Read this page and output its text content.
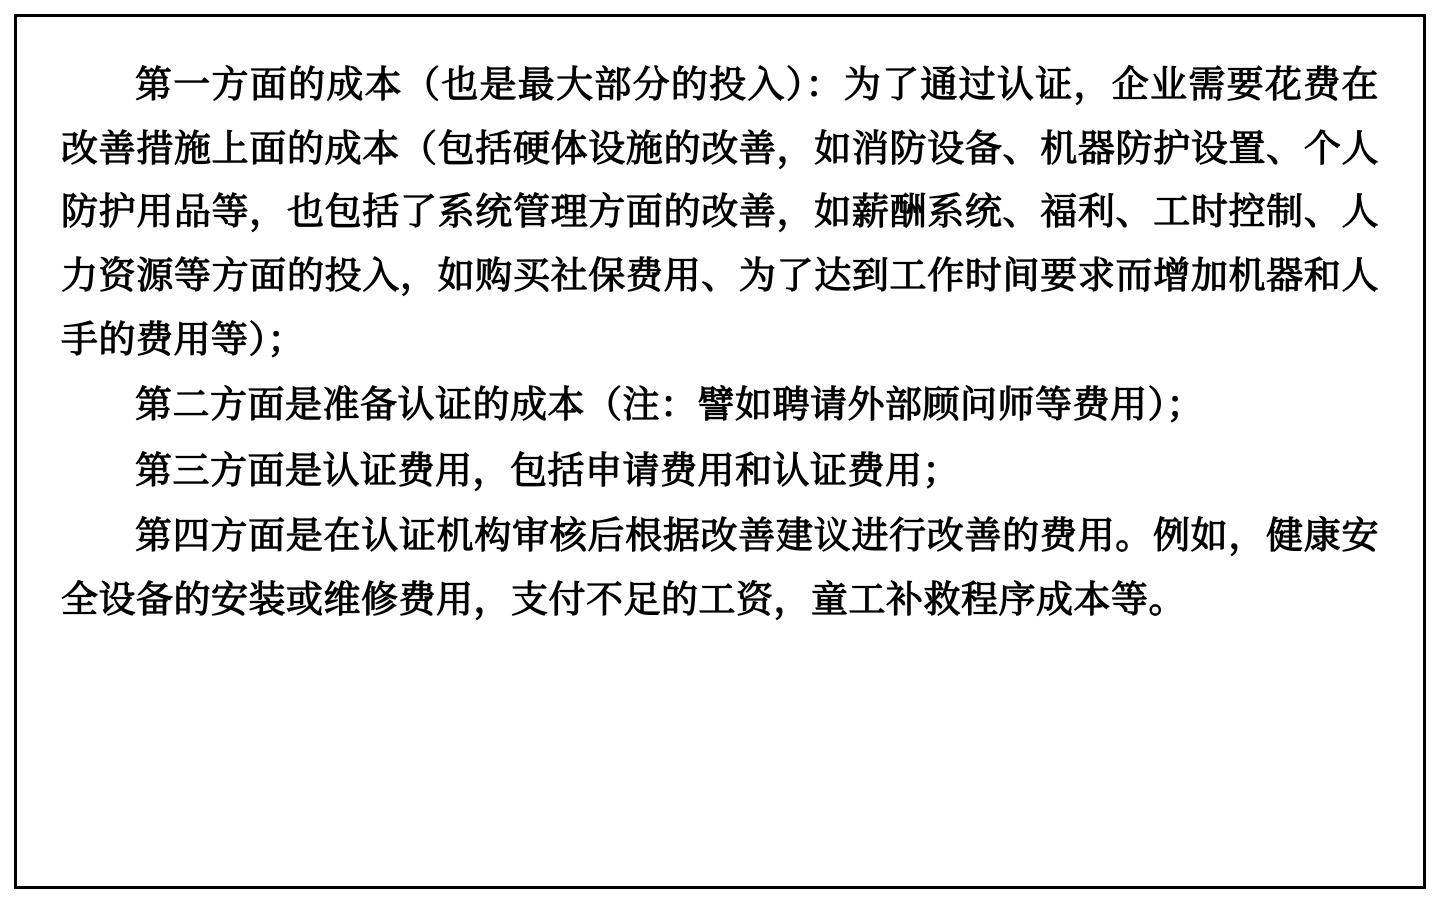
第一方面的成本（也是最大部分的投入）：为了通过认证，企业需要花费在改善措施上面的成本（包括硬体设施的改善，如消防设备、机器防护设置、个人防护用品等，也包括了系统管理方面的改善，如薪酬系统、福利、工时控制、人力资源等方面的投入，如购买社保费用、为了达到工作时间要求而增加机器和人手的费用等）；

第二方面是准备认证的成本（注：譬如聘请外部顾问师等费用）；

第三方面是认证费用，包括申请费用和认证费用；

第四方面是在认证机构审核后根据改善建议进行改善的费用。例如，健康安全设备的安装或维修费用，支付不足的工资，童工补救程序成本等。
